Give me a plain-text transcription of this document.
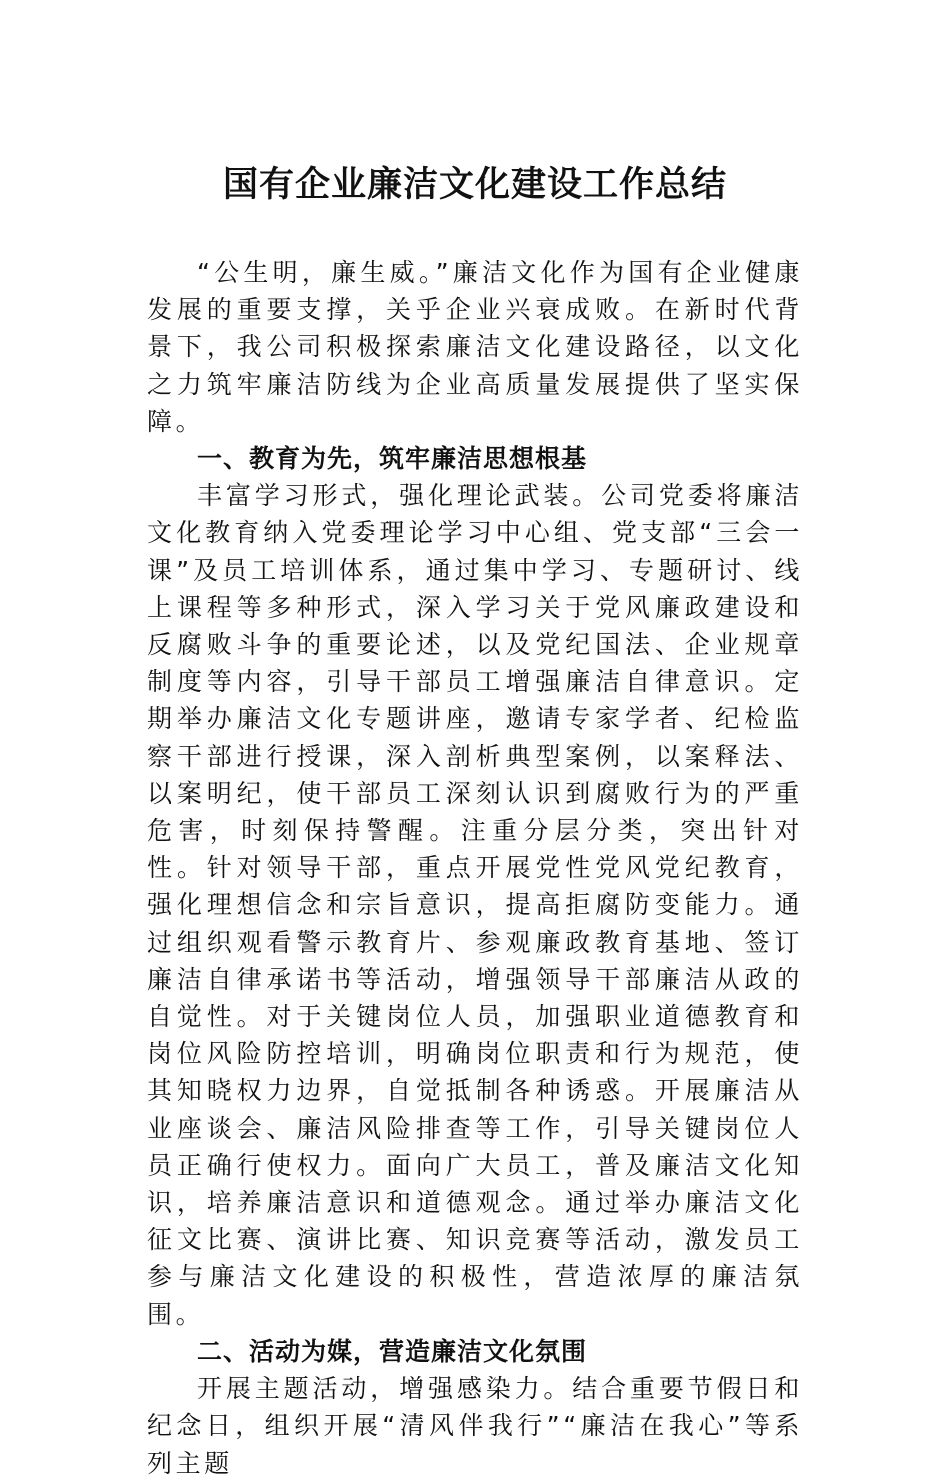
国有企业廉洁文化建设工作总结

“公生明，廉生威。”廉洁文化作为国有企业健康发展的重要支撑，关乎企业兴衰成败。在新时代背景下，我公司积极探索廉洁文化建设路径，以文化之力筑牢廉洁防线为企业高质量发展提供了坚实保障。

一、教育为先，筑牢廉洁思想根基

丰富学习形式，强化理论武装。公司党委将廉洁文化教育纳入党委理论学习中心组、党支部“三会一课”及员工培训体系，通过集中学习、专题研讨、线上课程等多种形式，深入学习关于党风廉政建设和反腐败斗争的重要论述，以及党纪国法、企业规章制度等内容，引导干部员工增强廉洁自律意识。定期举办廉洁文化专题讲座，邀请专家学者、纪检监察干部进行授课，深入剖析典型案例，以案释法、以案明纪，使干部员工深刻认识到腐败行为的严重危害，时刻保持警醒。注重分层分类，突出针对性。针对领导干部，重点开展党性党风党纪教育，强化理想信念和宗旨意识，提高拒腐防变能力。通过组织观看警示教育片、参观廉政教育基地、签订廉洁自律承诺书等活动，增强领导干部廉洁从政的自觉性。对于关键岗位人员，加强职业道德教育和岗位风险防控培训，明确岗位职责和行为规范，使其知晓权力边界，自觉抵制各种诱惑。开展廉洁从业座谈会、廉洁风险排查等工作，引导关键岗位人员正确行使权力。面向广大员工，普及廉洁文化知识，培养廉洁意识和道德观念。通过举办廉洁文化征文比赛、演讲比赛、知识竞赛等活动，激发员工参与廉洁文化建设的积极性，营造浓厚的廉洁氛围。

二、活动为媒，营造廉洁文化氛围

开展主题活动，增强感染力。结合重要节假日和纪念日，组织开展“清风伴我行”“廉洁在我心”等系列主题
